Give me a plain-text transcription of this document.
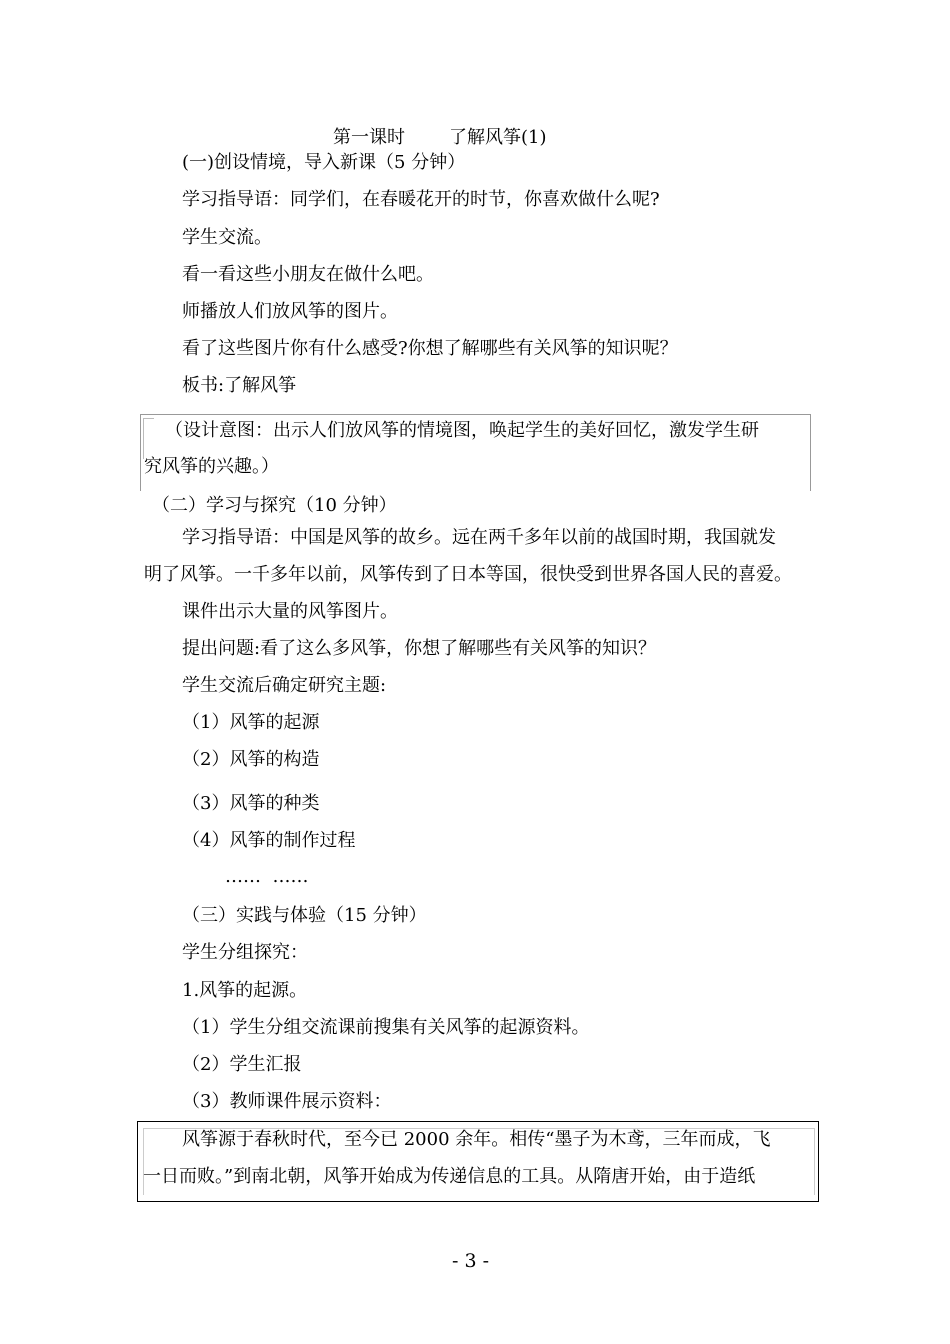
第一课时 了解风筝(1)
(一)创设情境，导入新课（5 分钟）
学习指导语：同学们，在春暖花开的时节，你喜欢做什么呢?
学生交流。
看一看这些小朋友在做什么吧。
师播放人们放风筝的图片。
看了这些图片你有什么感受?你想了解哪些有关风筝的知识呢？
板书:了解风筝
（设计意图：出示人们放风筝的情境图，唤起学生的美好回忆，激发学生研
究风筝的兴趣。）
（二）学习与探究（10 分钟）
学习指导语：中国是风筝的故乡。远在两千多年以前的战国时期，我国就发
明了风筝。一千多年以前，风筝传到了日本等国，很快受到世界各国人民的喜爱。
课件出示大量的风筝图片。
提出问题:看了这么多风筝，你想了解哪些有关风筝的知识？
学生交流后确定研究主题:
（1）风筝的起源
（2）风筝的构造
（3）风筝的种类
（4）风筝的制作过程
……  ……
（三）实践与体验（15 分钟）
学生分组探究：
1.风筝的起源。
（1）学生分组交流课前搜集有关风筝的起源资料。
（2）学生汇报
（3）教师课件展示资料：
风筝源于春秋时代，至今已 2000 余年。相传“墨子为木鸢，三年而成，飞
一日而败。”到南北朝，风筝开始成为传递信息的工具。从隋唐开始，由于造纸
- 3 -
